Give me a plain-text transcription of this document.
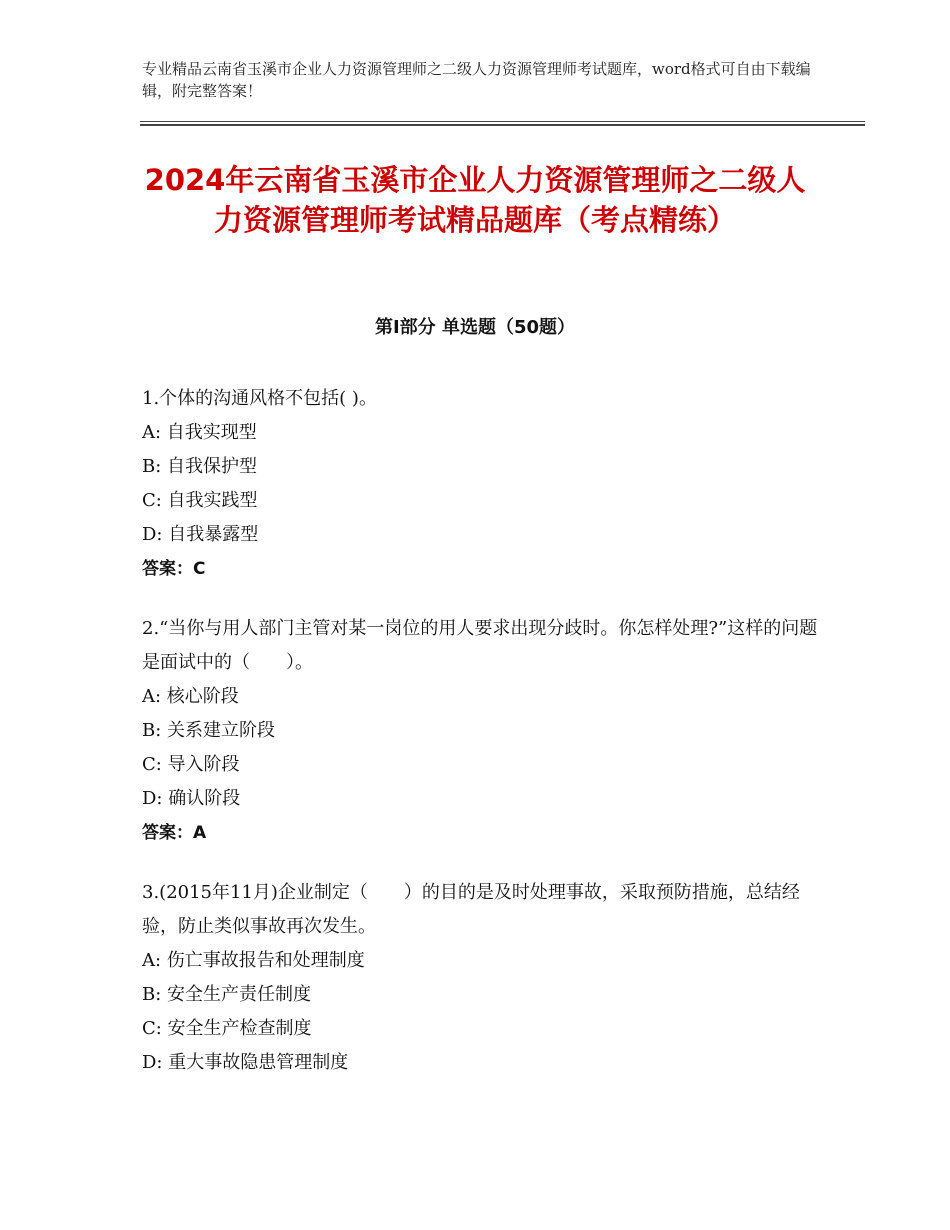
专业精品云南省玉溪市企业人力资源管理师之二级人力资源管理师考试题库，word格式可自由下载编辑，附完整答案！
2024年云南省玉溪市企业人力资源管理师之二级人力资源管理师考试精品题库（考点精练）
第Ⅰ部分 单选题（50题）

1.个体的沟通风格不包括( )。

A: 自我实现型

B: 自我保护型

C: 自我实践型

D: 自我暴露型

答案：C

2.“当你与用人部门主管对某一岗位的用人要求出现分歧时。你怎样处理?”这样的问题是面试中的（　　）。

A: 核心阶段

B: 关系建立阶段

C: 导入阶段

D: 确认阶段

答案：A

3.(2015年11月)企业制定（　　）的目的是及时处理事故，采取预防措施，总结经验，防止类似事故再次发生。

A: 伤亡事故报告和处理制度

B: 安全生产责任制度

C: 安全生产检查制度

D: 重大事故隐患管理制度
